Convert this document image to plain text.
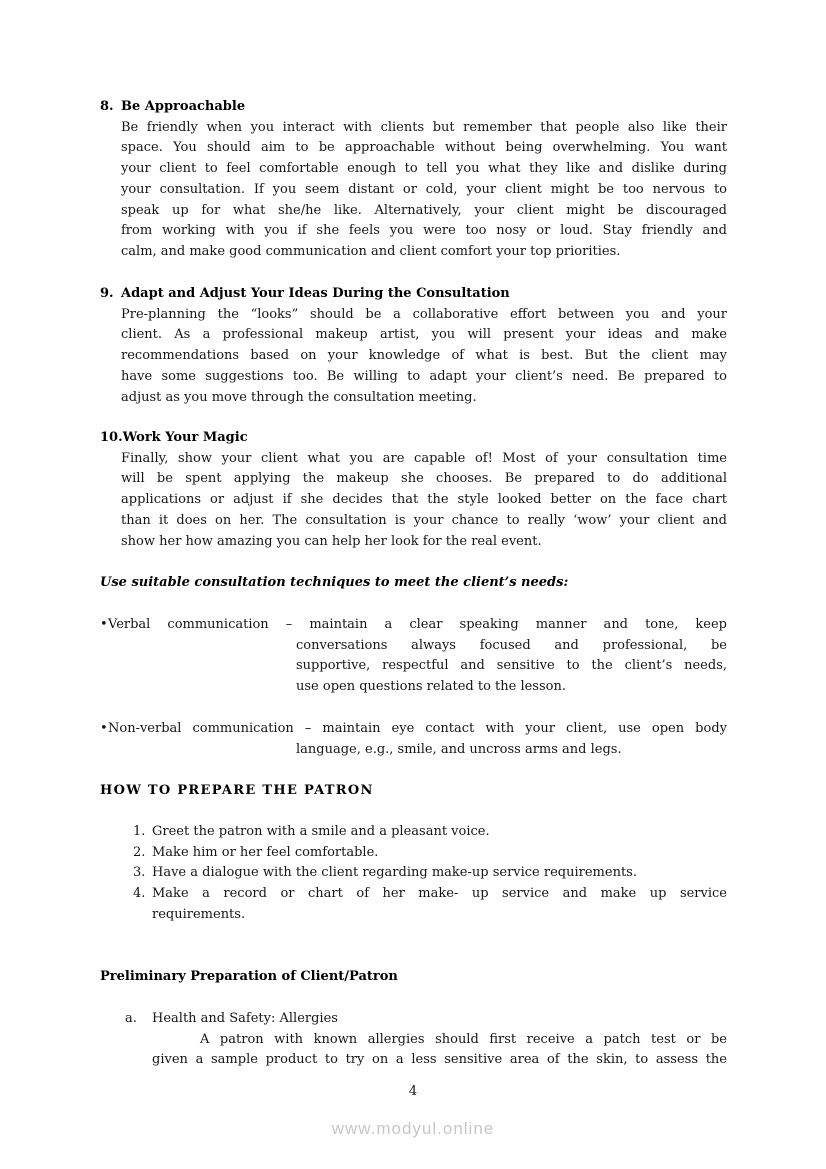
8. Be Approachable
Be friendly when you interact with clients but remember that people also like their
space. You should aim to be approachable without being overwhelming. You want
your client to feel comfortable enough to tell you what they like and dislike during
your consultation. If you seem distant or cold, your client might be too nervous to
speak up for what she/he like. Alternatively, your client might be discouraged
from working with you if she feels you were too nosy or loud. Stay friendly and
calm, and make good communication and client comfort your top priorities.
9. Adapt and Adjust Your Ideas During the Consultation
Pre-planning the “looks” should be a collaborative effort between you and your
client. As a professional makeup artist, you will present your ideas and make
recommendations based on your knowledge of what is best. But the client may
have some suggestions too. Be willing to adapt your client’s need. Be prepared to
adjust as you move through the consultation meeting.
10.Work Your Magic
Finally, show your client what you are capable of! Most of your consultation time
will be spent applying the makeup she chooses. Be prepared to do additional
applications or adjust if she decides that the style looked better on the face chart
than it does on her. The consultation is your chance to really ‘wow’ your client and
show her how amazing you can help her look for the real event.
Use suitable consultation techniques to meet the client’s needs:
• Verbal communication – maintain a clear speaking manner and tone, keep
conversations always focused and professional, be
supportive, respectful and sensitive to the client’s needs,
use open questions related to the lesson.
• Non-verbal communication – maintain eye contact with your client, use open body
language, e.g., smile, and uncross arms and legs.
HOW TO PREPARE THE PATRON
1. Greet the patron with a smile and a pleasant voice.
2. Make him or her feel comfortable.
3. Have a dialogue with the client regarding make-up service requirements.
4. Make a record or chart of her make- up service and make up service
requirements.
Preliminary Preparation of Client/Patron
a.	Health and Safety: Allergies
A patron with known allergies should first receive a patch test or be
given a sample product to try on a less sensitive area of the skin, to assess the
4
www.modyul.online
